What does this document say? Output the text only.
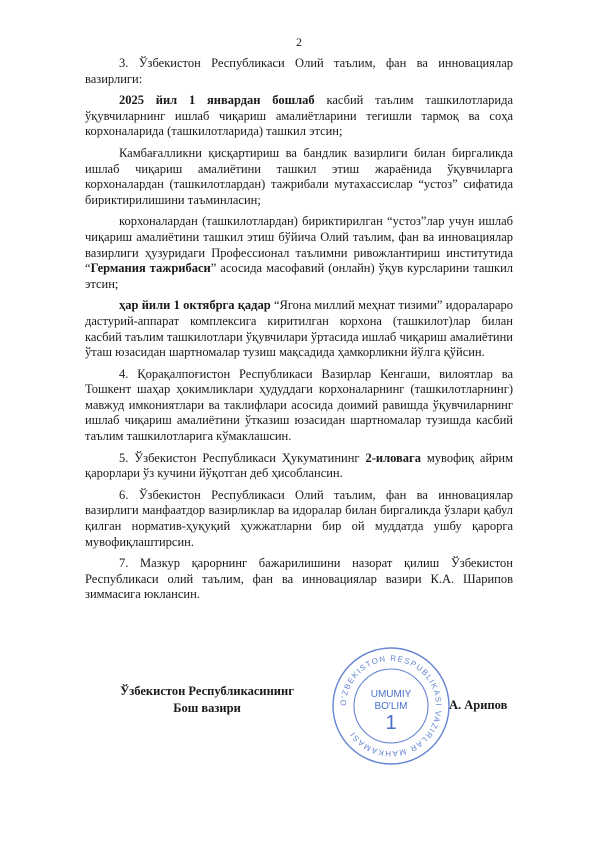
2

3. Ўзбекистон Республикаси Олий таълим, фан ва инновациялар вазирлиги:

2025 йил 1 январдан бошлаб касбий таълим ташкилотларида ўқувчиларнинг ишлаб чиқариш амалиётларини тегишли тармоқ ва соҳа корхоналарида (ташкилотларида) ташкил этсин;

Камбағалликни қисқартириш ва бандлик вазирлиги билан биргаликда ишлаб чиқариш амалиётини ташкил этиш жараёнида ўқувчиларга корхоналардан (ташкилотлардан) тажрибали мутахассислар “устоз” сифатида бириктирилишини таъминласин;

корхоналардан (ташкилотлардан) бириктирилган “устоз”лар учун ишлаб чиқариш амалиётини ташкил этиш бўйича Олий таълим, фан ва инновациялар вазирлиги ҳузуридаги Профессионал таълимни ривожлантириш институтида “Германия тажрибаси” асосида масофавий (онлайн) ўқув курсларини ташкил этсин;

ҳар йили 1 октябрга қадар “Ягона миллий меҳнат тизими” идоралараро дастурий-аппарат комплексига киритилган корхона (ташкилот)лар билан касбий таълим ташкилотлари ўқувчилари ўртасида ишлаб чиқариш амалиётини ўташ юзасидан шартномалар тузиш мақсадида ҳамкорликни йўлга қўйсин.

4. Қорақалпоғистон Республикаси Вазирлар Кенгаши, вилоятлар ва Тошкент шаҳар ҳокимликлари ҳудуддаги корхоналарнинг (ташкилотларнинг) мавжуд имкониятлари ва таклифлари асосида доимий равишда ўқувчиларнинг ишлаб чиқариш амалиётини ўтказиш юзасидан шартномалар тузишда касбий таълим ташкилотларига кўмаклашсин.

5. Ўзбекистон Республикаси Ҳукуматининг 2-иловага мувофиқ айрим қарорлари ўз кучини йўқотган деб ҳисоблансин.

6. Ўзбекистон Республикаси Олий таълим, фан ва инновациялар вазирлиги манфаатдор вазирликлар ва идоралар билан биргаликда ўзлари қабул қилган норматив-ҳуқуқий ҳужжатларни бир ой муддатда ушбу қарорга мувофиқлаштирсин.

7. Мазкур қарорнинг бажарилишини назорат қилиш Ўзбекистон Республикаси олий таълим, фан ва инновациялар вазири К.А. Шарипов зиммасига юклансин.

Ўзбекистон Республикасининг
Бош вазири	O'ZBEKISTON RESPUBLIKASI VAZIRLAR MAHKAMASI
UMUMIY
BO'LIM
1
А. Арипов
